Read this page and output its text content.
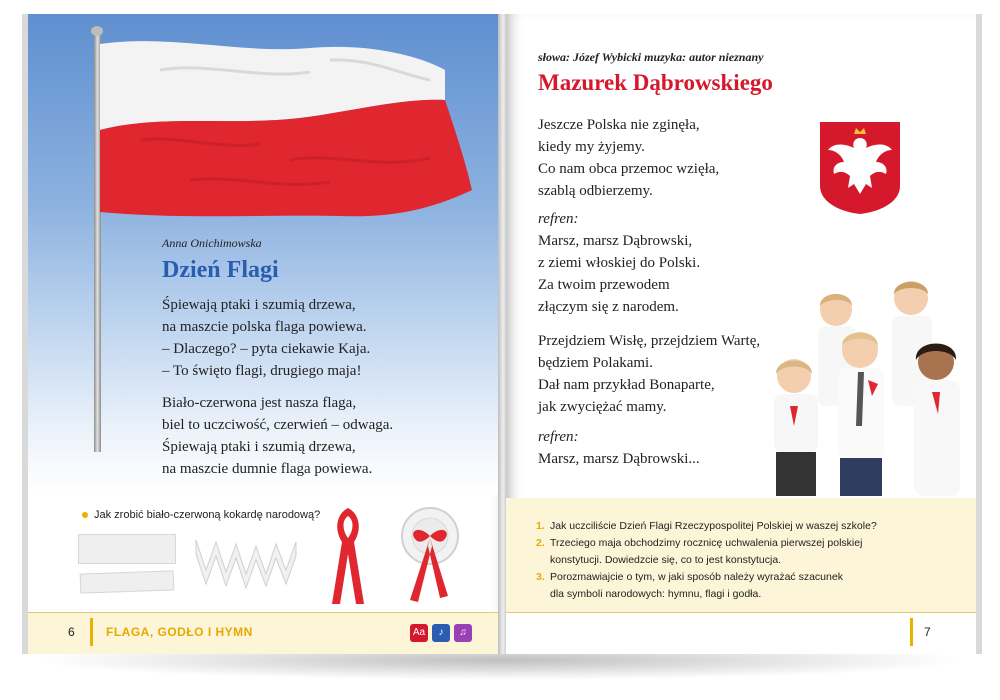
Anna Onichimowska
Dzień Flagi
Śpiewają ptaki i szumią drzewa,
na maszcie polska flaga powiewa.
– Dlaczego? – pyta ciekawie Kaja.
– To święto flagi, drugiego maja!
Biało-czerwona jest nasza flaga,
biel to uczciwość, czerwień – odwaga.
Śpiewają ptaki i szumią drzewa,
na maszcie dumnie flaga powiewa.
Jak zrobić biało-czerwoną kokardę narodową?
6	FLAGA, GODŁO I HYMN	Aa	♪	♫
słowa: Józef Wybicki muzyka: autor nieznany
Mazurek Dąbrowskiego
Jeszcze Polska nie zginęła,
kiedy my żyjemy.
Co nam obca przemoc wzięła,
szablą odbierzemy.
refren:
Marsz, marsz Dąbrowski,
z ziemi włoskiej do Polski.
Za twoim przewodem
złączym się z narodem.
Przejdziem Wisłę, przejdziem Wartę,
będziem Polakami.
Dał nam przykład Bonaparte,
jak zwyciężać mamy.
refren:
Marsz, marsz Dąbrowski...
1. Jak uczciliście Dzień Flagi Rzeczypospolitej Polskiej w waszej szkole?
2. Trzeciego maja obchodzimy rocznicę uchwalenia pierwszej polskiej
konstytucji. Dowiedzcie się, co to jest konstytucja.
3. Porozmawiajcie o tym, w jaki sposób należy wyrażać szacunek
dla symboli narodowych: hymnu, flagi i godła.
7
